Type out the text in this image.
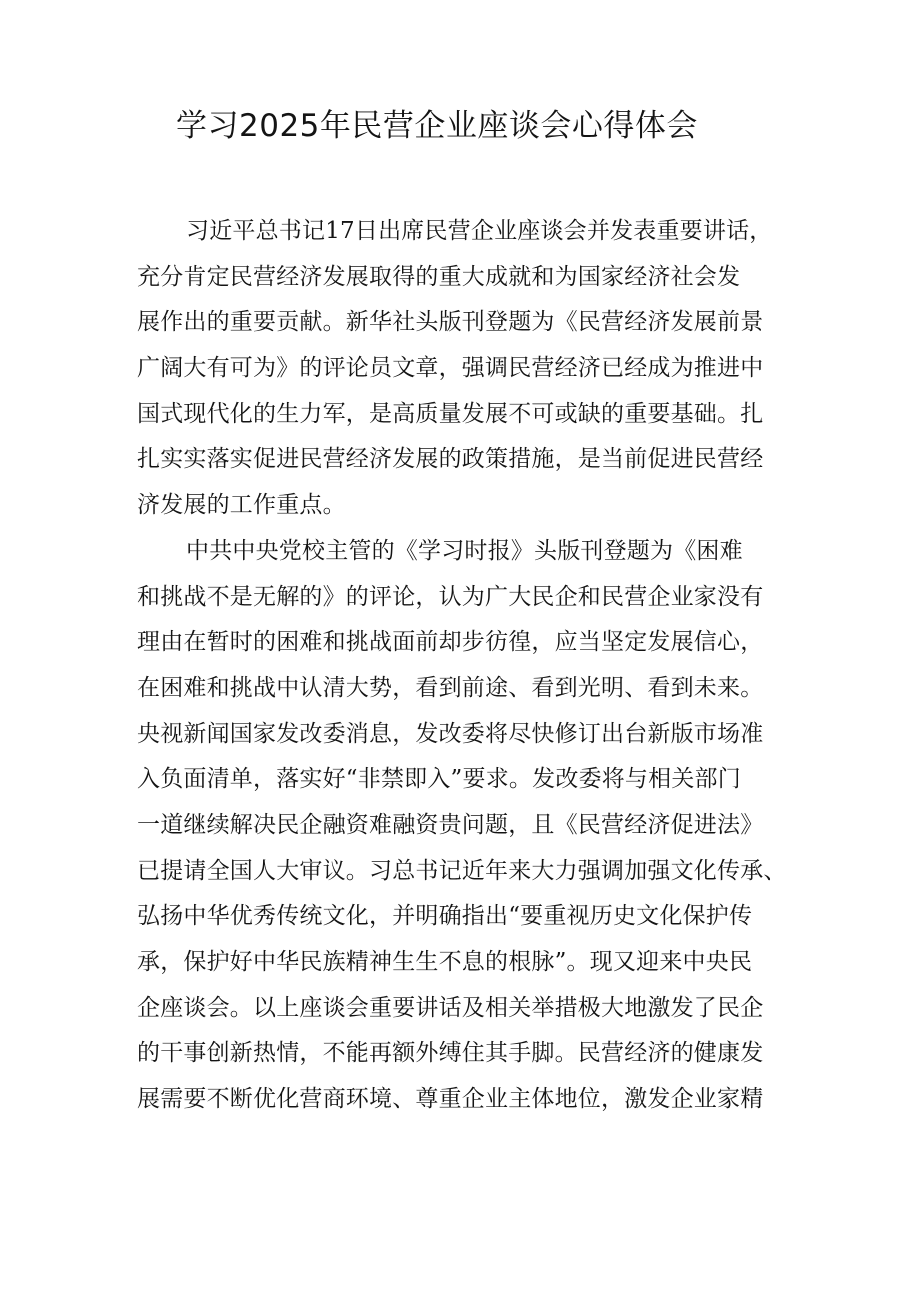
学习2025年民营企业座谈会心得体会
习近平总书记17日出席民营企业座谈会并发表重要讲话，
充分肯定民营经济发展取得的重大成就和为国家经济社会发
展作出的重要贡献。新华社头版刊登题为《民营经济发展前景
广阔大有可为》的评论员文章，强调民营经济已经成为推进中
国式现代化的生力军，是高质量发展不可或缺的重要基础。扎
扎实实落实促进民营经济发展的政策措施，是当前促进民营经
济发展的工作重点。
中共中央党校主管的《学习时报》头版刊登题为《困难
和挑战不是无解的》的评论，认为广大民企和民营企业家没有
理由在暂时的困难和挑战面前却步彷徨，应当坚定发展信心，
在困难和挑战中认清大势，看到前途、看到光明、看到未来。
央视新闻国家发改委消息，发改委将尽快修订出台新版市场准
入负面清单，落实好“非禁即入”要求。发改委将与相关部门
一道继续解决民企融资难融资贵问题，且《民营经济促进法》
已提请全国人大审议。习总书记近年来大力强调加强文化传承、
弘扬中华优秀传统文化，并明确指出“要重视历史文化保护传
承，保护好中华民族精神生生不息的根脉”。现又迎来中央民
企座谈会。以上座谈会重要讲话及相关举措极大地激发了民企
的干事创新热情，不能再额外缚住其手脚。民营经济的健康发
展需要不断优化营商环境、尊重企业主体地位，激发企业家精
